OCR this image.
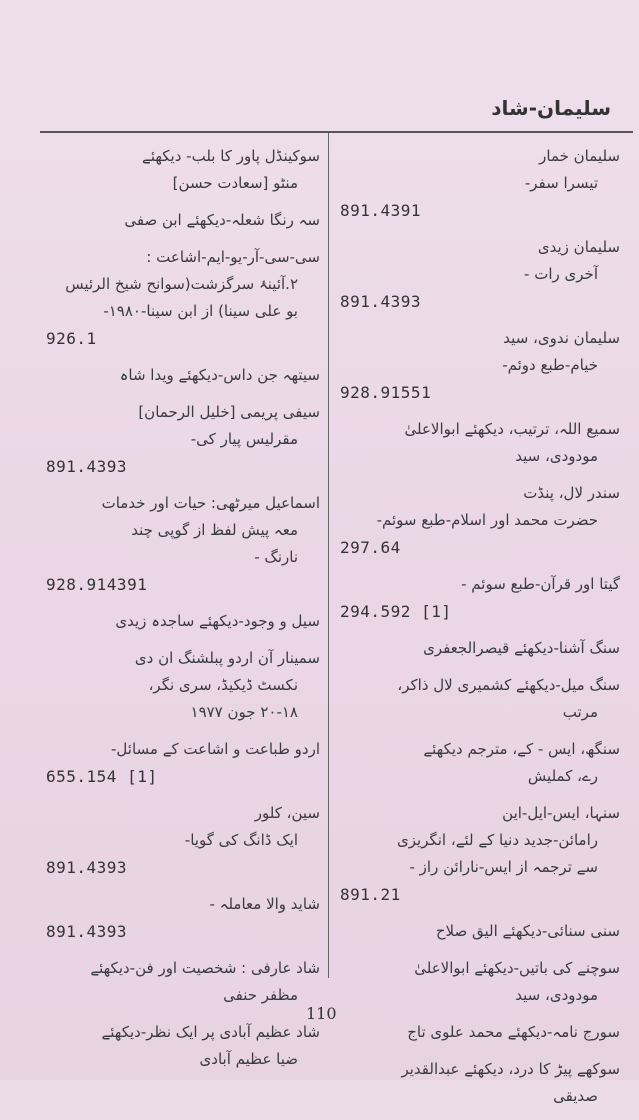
سلیمان-شاد
سلیمان خمار
تیسرا سفر-
891.4391
سلیمان زیدی
آخری رات -
891.4393
سلیمان ندوی، سید
خیام-طبع دوئم-
928.91551
سمیع اللہ، ترتیب، دیکھئے ابوالاعلیٰ
مودودی، سید
سندر لال، پنڈت
حضرت محمد اور اسلام-طبع سوئم-
297.64
گیتا اور قرآن-طبع سوئم -
294.592 [1]
سنگ آشنا-دیکھئے قیصرالجعفری
سنگ میل-دیکھئے کشمیری لال ذاکر،
مرتب
سنگھ، ایس - کے، مترجم دیکھئے
رے، کملیش
سنہا، ایس-ایل-این
رامائن-جدید دنیا کے لئے، انگریزی
سے ترجمہ از ایس-نارائن راز -
891.21
سنی سنائی-دیکھئے الیق صلاح
سوچنے کی باتیں-دیکھئے ابوالاعلیٰ
مودودی، سید
سورج نامہ-دیکھئے محمد علوی تاج
سوکھے پیڑ کا درد، دیکھئے عبدالقدیر
صدیقی
سوکینڈل پاور کا بلب- دیکھئے
منٹو [سعادت حسن]
سہ رنگا شعلہ-دیکھئے ابن صفی
سی-سی-آر-یو-ایم-اشاعت :
٢.آئینۂ سرگزشت(سوانح شیخ الرئیس
بو علی سینا) از ابن سینا-١٩٨٠-
926.1
سیتھہ جن داس-دیکھئے ویدا شاہ
سیفی پریمی [خلیل الرحمان]
مقرلیس پیار کی-
891.4393
اسماعیل میرٹھی: حیات اور خدمات
معہ پیش لفظ از گوپی چند
نارنگ -
928.914391
سیل و وجود-دیکھئے ساجدہ زیدی
سمینار آن اردو پبلشنگ ان دی
نکسٹ ڈیکیڈ، سری نگر،
١٨-٢٠ جون ١٩٧٧
اردو طباعت و اشاعت کے مسائل-
655.154 [1]
سین، کلور
ایک ڈانگ کی گویا-
891.4393
شاید والا معاملہ -
891.4393
شاد عارفی : شخصیت اور فن-دیکھئے
مظفر حنفی
شاد عظیم آبادی پر ایک نظر-دیکھئے
ضیا عظیم آبادی
110
